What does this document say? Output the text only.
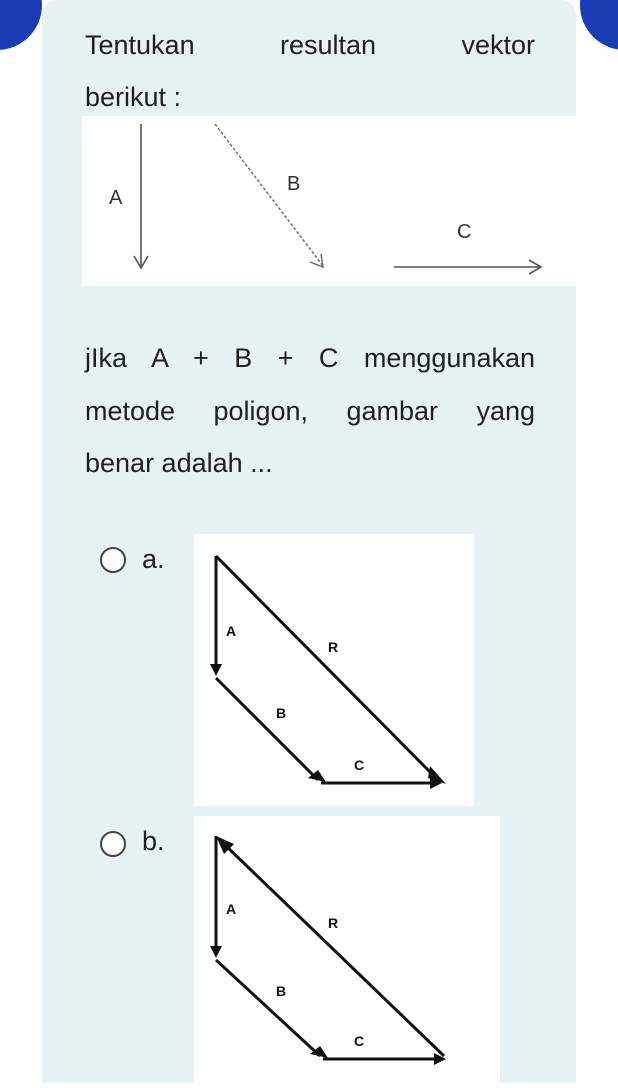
Tentukan resultan vektor
berikut :
A
B
C
jIka A + B + C menggunakan
metode poligon, gambar yang
benar adalah ...
a.
A
B
C
R
b.
A
B
C
R
